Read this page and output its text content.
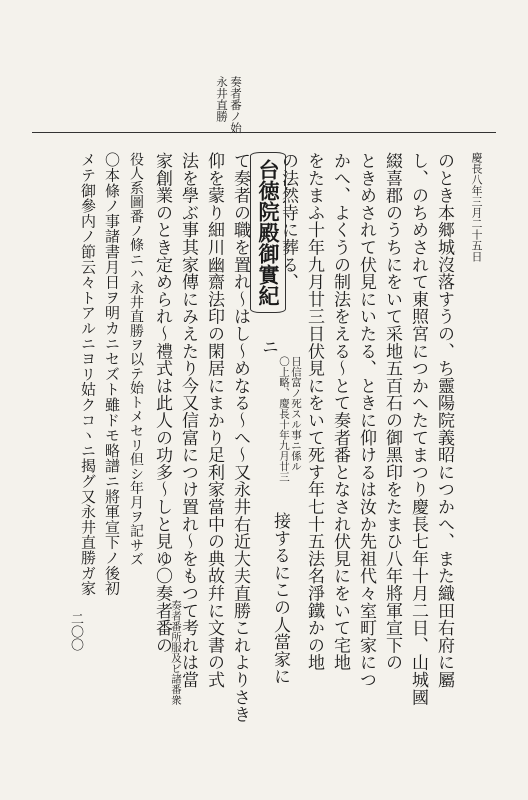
慶長八年三月二十五日

二〇〇

奏者番ノ始

永井直勝

のとき本郷城沒落すうの、ち靈陽院義昭につかへ、また織田右府に屬

し、のちめされて東照宮につかへたてまつり慶長七年十月二日、山城國

綴喜郡のうちにをいて采地五百石の御黑印をたまひ八年將軍宣下の

ときめされて伏見にいたる、ときに仰けるは汝か先祖代々室町家につ

かへ、よくうの制法をえる〜とて奏者番となされ伏見にをいて宅地

をたまふ十年九月廿三日伏見にをいて死す年七十五法名淨鐵かの地

の法然寺に葬る、

台徳院殿御實紀

ニ

〇上略、慶長十年九月廿三 日信富ノ死スル事ニ係ル

接するにこの人當家に

て奏者の職を置れ〜はし〜めなる〜へ〜又永井右近大夫直勝これよりさき

仰を蒙り細川幽齋法印の閑居にまかり足利家當中の典故幷に文書の式

法を學ぶ事其家傳にみえたり今又信富につけ置れ〜をもつて考れは當

家創業のとき定められ〜禮式は此人の功多〜しと見ゆ〇奏者番の

奏者番所服及ビ諸番衆

役人系圖番ノ條ニハ永井直勝ヲ以テ始トメセリ但シ年月ヲ記サズ

〇本條ノ事諸書月日ヲ明カニセズト雖ドモ略譜ニ將軍宣下ノ後初

メテ御參内ノ節云々トアルニヨリ姑クコヽニ揭グ又永井直勝ガ家
